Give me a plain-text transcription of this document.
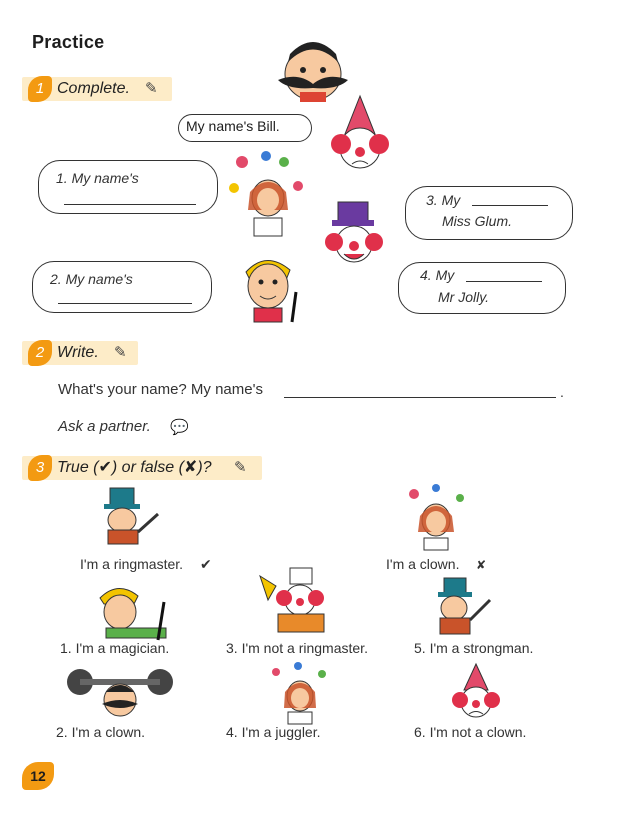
Practice
1 Complete. ✎
My name's Bill.
1. My name's
3. My
Miss Glum.
2. My name's	4. My
Mr Jolly.
2 Write. ✎
What's your name? My name's	.
Ask a partner. 💬
3 True (✔) or false (✘)? ✎
I'm a ringmaster. ✔	I'm a clown. ✘
1. I'm a magician.	3. I'm not a ringmaster.	5. I'm a strongman.
2. I'm a clown.	4. I'm a juggler.	6. I'm not a clown.
12
